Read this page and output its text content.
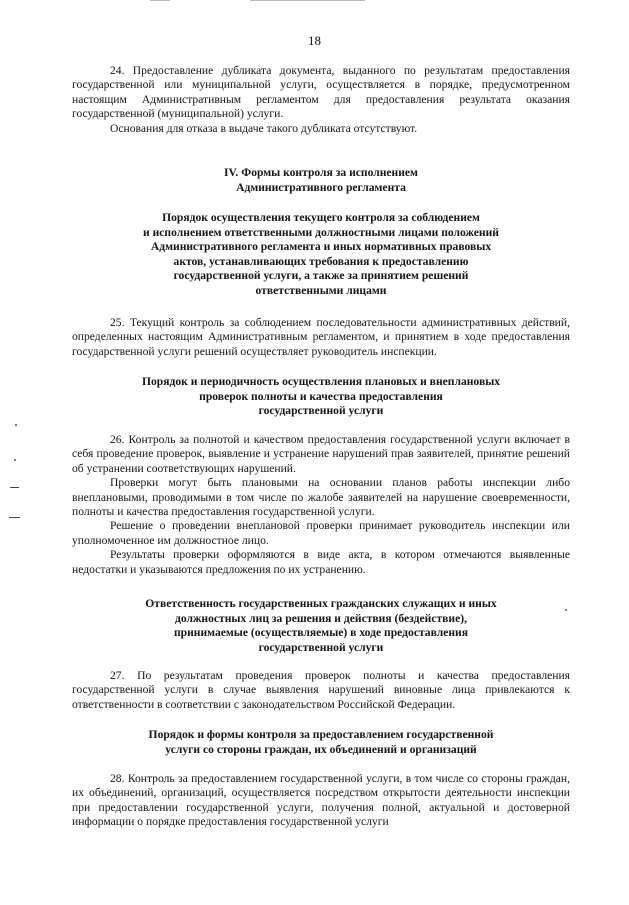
18

24. Предоставление дубликата документа, выданного по результатам предоставления государственной или муниципальной услуги, осуществляется в порядке, предусмотренном настоящим Административным регламентом для предоставления результата оказания государственной (муниципальной) услуги.

Основания для отказа в выдаче такого дубликата отсутствуют.

IV. Формы контроля за исполнением
Административного регламента
Порядок осуществления текущего контроля за соблюдением
и исполнением ответственными должностными лицами положений
Административного регламента и иных нормативных правовых
актов, устанавливающих требования к предоставлению
государственной услуги, а также за принятием решений
ответственными лицами

25. Текущий контроль за соблюдением последовательности административных действий, определенных настоящим Административным регламентом, и принятием в ходе предоставления государственной услуги решений осуществляет руководитель инспекции.

Порядок и периодичность осуществления плановых и внеплановых
проверок полноты и качества предоставления
государственной услуги

26. Контроль за полнотой и качеством предоставления государственной услуги включает в себя проведение проверок, выявление и устранение нарушений прав заявителей, принятие решений об устранении соответствующих нарушений.

Проверки могут быть плановыми на основании планов работы инспекции либо внеплановыми, проводимыми в том числе по жалобе заявителей на нарушение своевременности, полноты и качества предоставления государственной услуги.

Решение о проведении внеплановой проверки принимает руководитель инспекции или уполномоченное им должностное лицо.

Результаты проверки оформляются в виде акта, в котором отмечаются выявленные недостатки и указываются предложения по их устранению.

Ответственность государственных гражданских служащих и иных
должностных лиц за решения и действия (бездействие),
принимаемые (осуществляемые) в ходе предоставления
государственной услуги

27. По результатам проведения проверок полноты и качества предоставления государственной услуги в случае выявления нарушений виновные лица привлекаются к ответственности в соответствии с законодательством Российской Федерации.

Порядок и формы контроля за предоставлением государственной
услуги со стороны граждан, их объединений и организаций

28. Контроль за предоставлением государственной услуги, в том числе со стороны граждан, их объединений, организаций, осуществляется посредством открытости деятельности инспекции при предоставлении государственной услуги, получения полной, актуальной и достоверной информации о порядке предоставления государственной услуги
